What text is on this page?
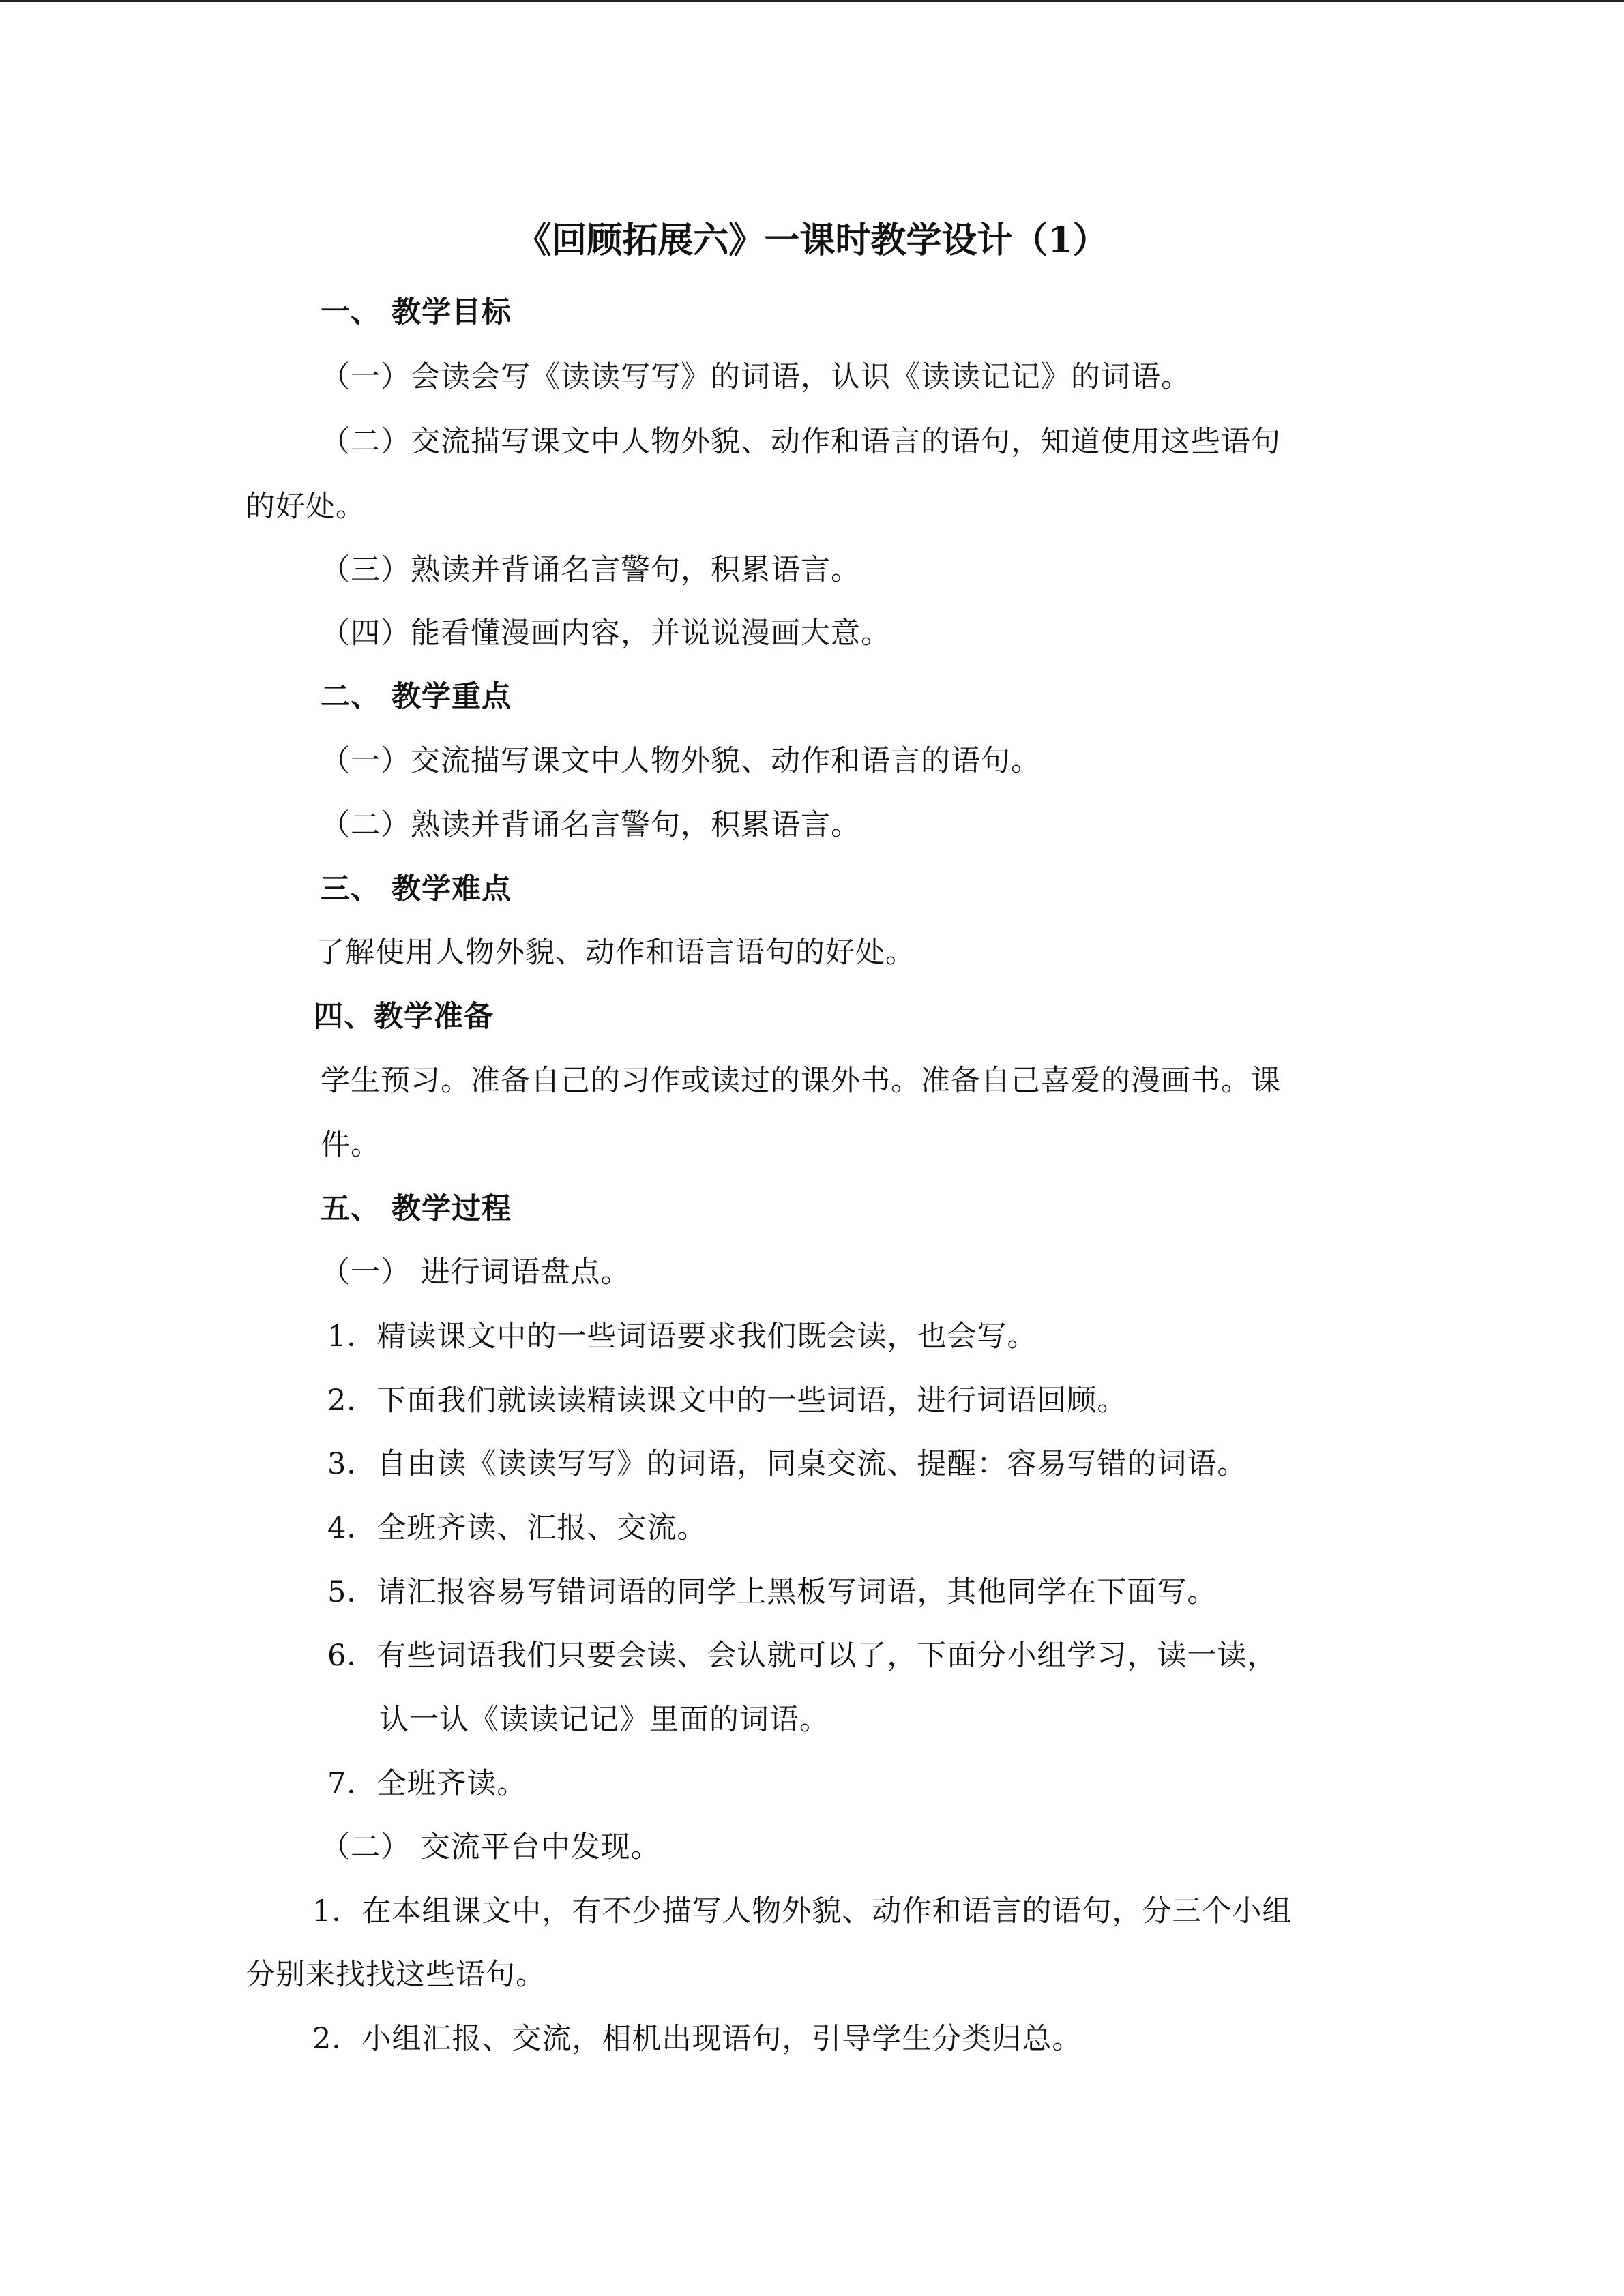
《回顾拓展六》一课时教学设计（1）
一、 教学目标
（一）会读会写《读读写写》的词语，认识《读读记记》的词语。
（二）交流描写课文中人物外貌、动作和语言的语句，知道使用这些语句
的好处。
（三）熟读并背诵名言警句，积累语言。
（四）能看懂漫画内容，并说说漫画大意。
二、 教学重点
（一）交流描写课文中人物外貌、动作和语言的语句。
（二）熟读并背诵名言警句，积累语言。
三、 教学难点
了解使用人物外貌、动作和语言语句的好处。
四、教学准备
学生预习。准备自己的习作或读过的课外书。准备自己喜爱的漫画书。课
件。
五、 教学过程
（一） 进行词语盘点。
1．精读课文中的一些词语要求我们既会读，也会写。
2．下面我们就读读精读课文中的一些词语，进行词语回顾。
3．自由读《读读写写》的词语，同桌交流、提醒：容易写错的词语。
4．全班齐读、汇报、交流。
5．请汇报容易写错词语的同学上黑板写词语，其他同学在下面写。
6．有些词语我们只要会读、会认就可以了，下面分小组学习，读一读，
认一认《读读记记》里面的词语。
7．全班齐读。
（二） 交流平台中发现。
1．在本组课文中，有不少描写人物外貌、动作和语言的语句，分三个小组
分别来找找这些语句。
2．小组汇报、交流，相机出现语句，引导学生分类归总。
